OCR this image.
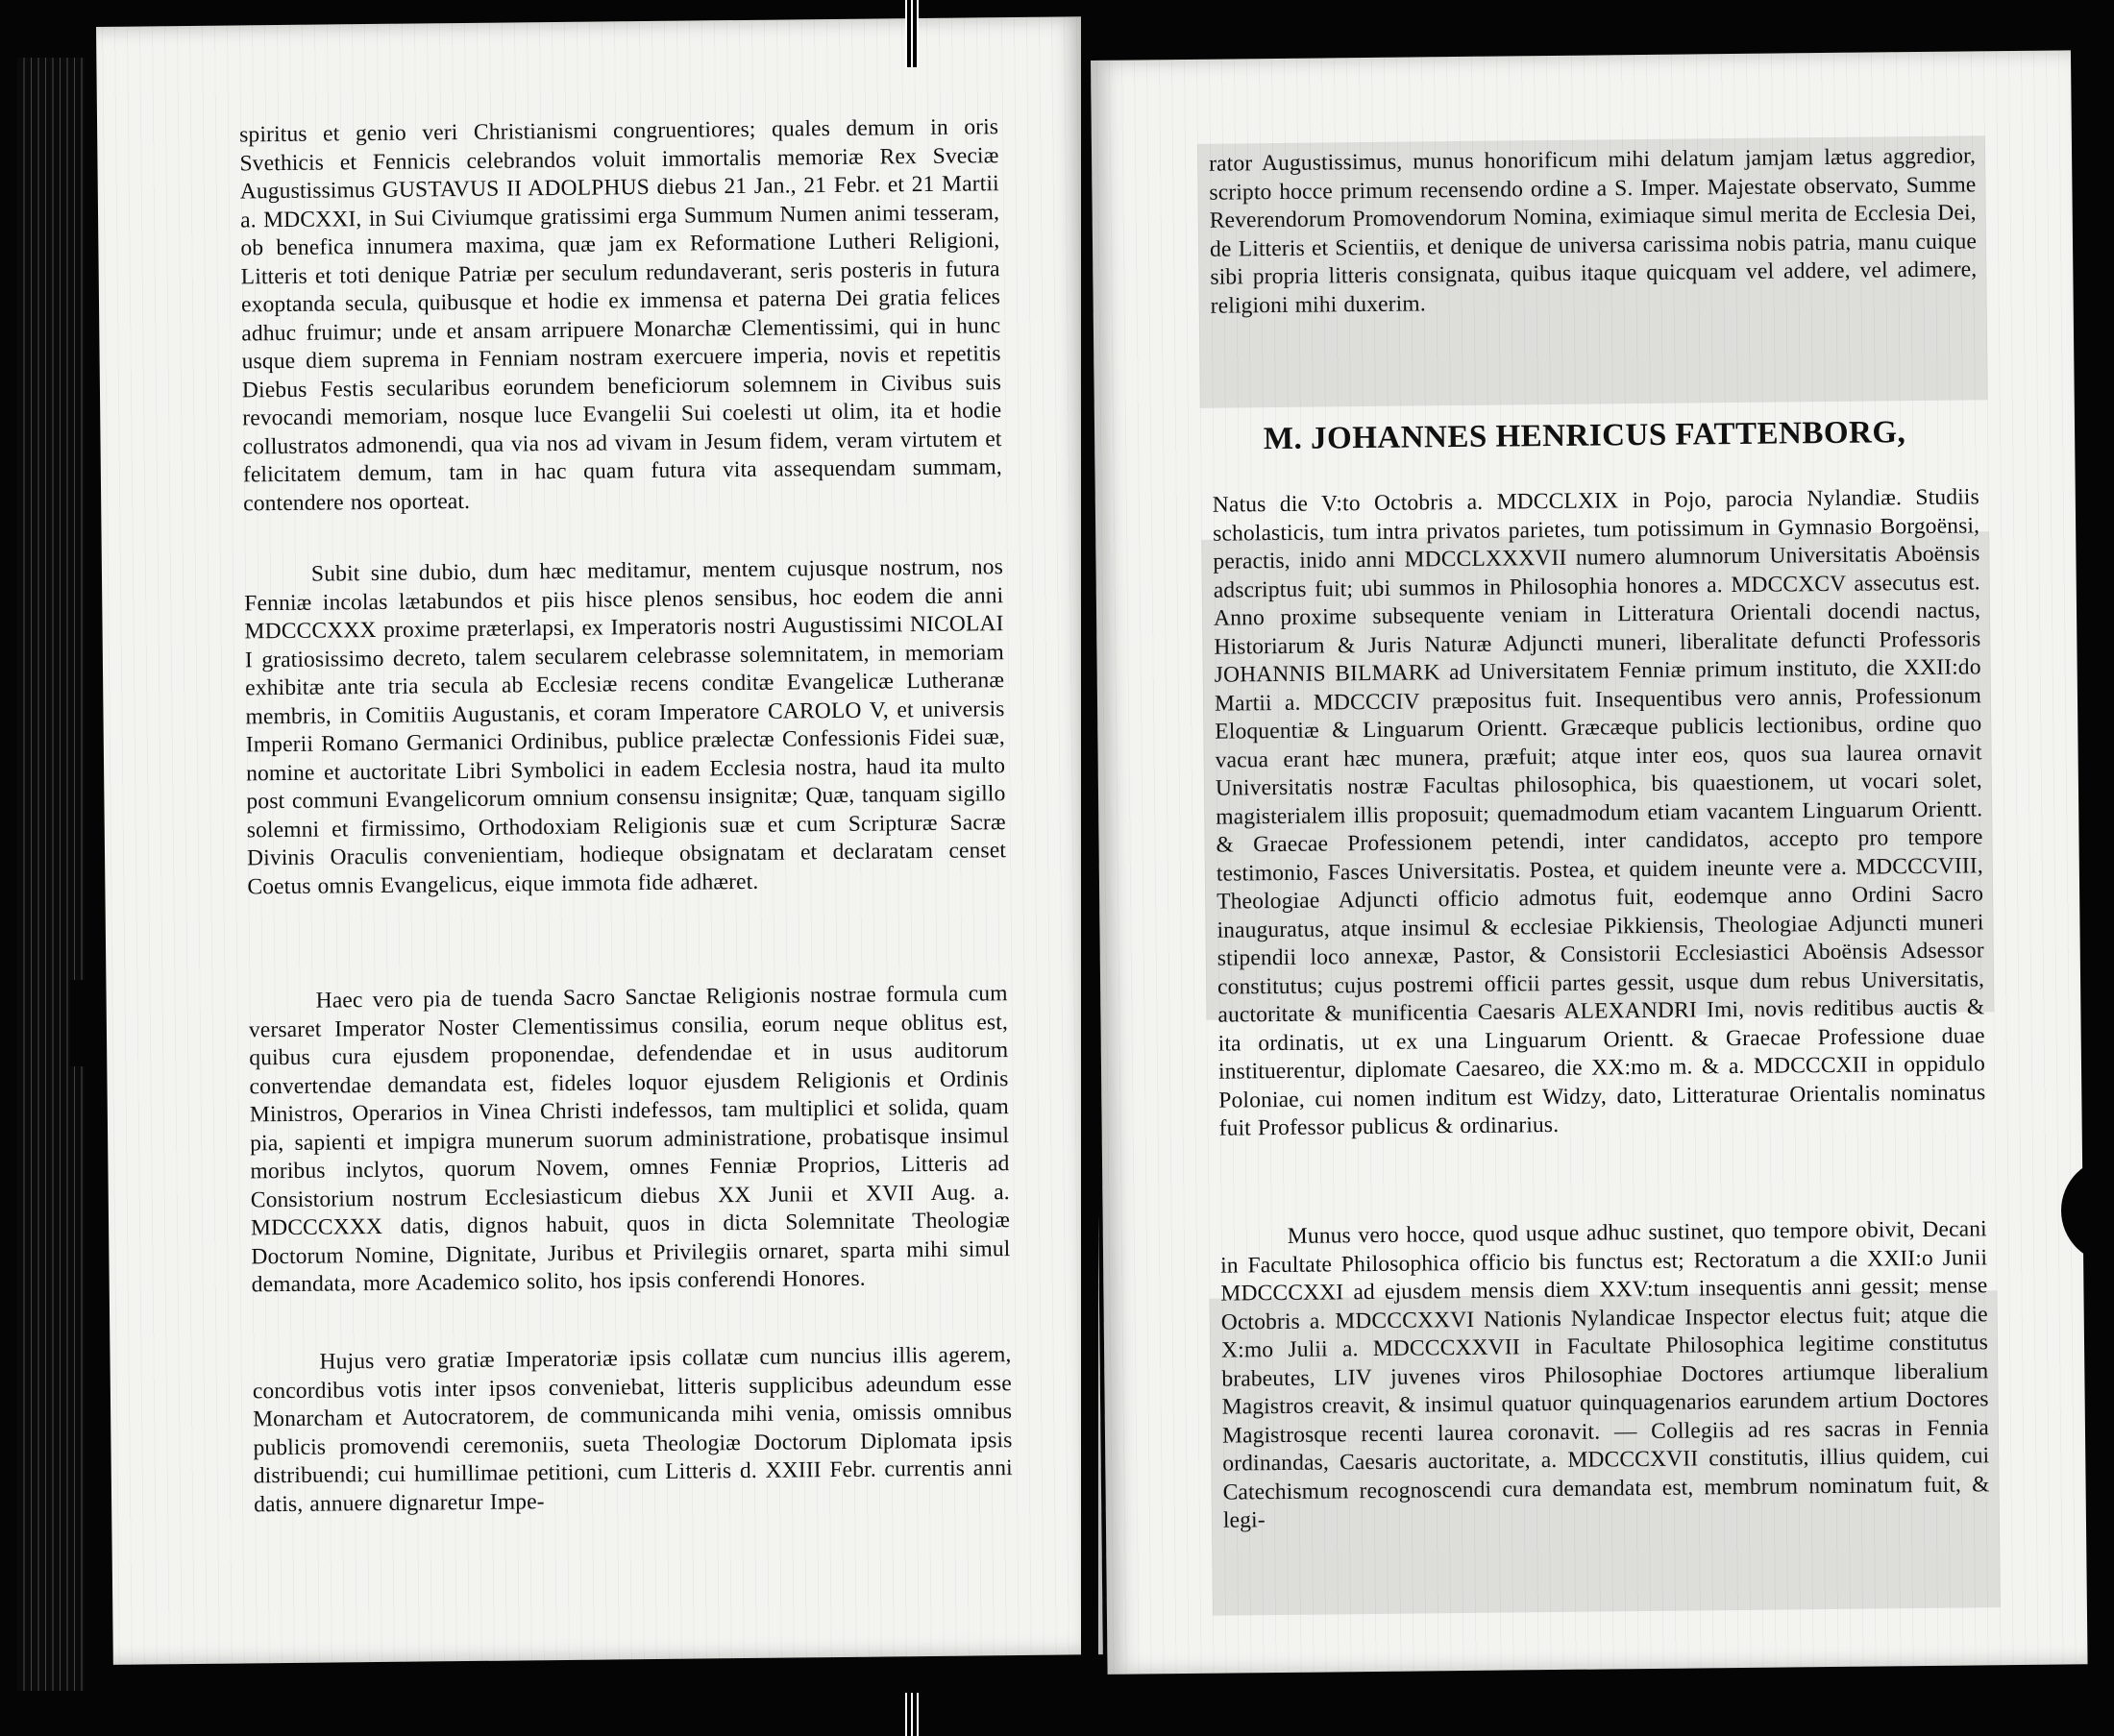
spiritus et genio veri Christianismi congruentiores; quales demum in oris Svethicis et Fennicis celebrandos voluit immortalis memoriæ Rex Sveciæ Augustissimus GUSTAVUS II ADOLPHUS diebus 21 Jan., 21 Febr. et 21 Martii a. MDCXXI, in Sui Civiumque gratissimi erga Summum Numen animi tesseram, ob benefica innumera maxima, quæ jam ex Reformatione Lutheri Religioni, Litteris et toti denique Patriæ per seculum redundaverant, seris posteris in futura exoptanda secula, quibusque et hodie ex immensa et paterna Dei gratia felices adhuc fruimur; unde et ansam arripuere Monarchæ Clementissimi, qui in hunc usque diem suprema in Fenniam nostram exercuere imperia, novis et repetitis Diebus Festis secularibus eorundem beneficiorum solemnem in Civibus suis revocandi memoriam, nosque luce Evangelii Sui coelesti ut olim, ita et hodie collustratos admonendi, qua via nos ad vivam in Jesum fidem, veram virtutem et felicitatem demum, tam in hac quam futura vita assequendam summam, contendere nos oporteat.

Subit sine dubio, dum hæc meditamur, mentem cujusque nostrum, nos Fenniæ incolas lætabundos et piis hisce plenos sensibus, hoc eodem die anni MDCCCXXX proxime præterlapsi, ex Imperatoris nostri Augustissimi NICOLAI I gratiosissimo decreto, talem secularem celebrasse solemnitatem, in memoriam exhibitæ ante tria secula ab Ecclesiæ recens conditæ Evangelicæ Lutheranæ membris, in Comitiis Augustanis, et coram Imperatore CAROLO V, et universis Imperii Romano Germanici Ordinibus, publice prælectæ Confessionis Fidei suæ, nomine et auctoritate Libri Symbolici in eadem Ecclesia nostra, haud ita multo post communi Evangelicorum omnium consensu insignitæ; Quæ, tanquam sigillo solemni et firmissimo, Orthodoxiam Religionis suæ et cum Scripturæ Sacræ Divinis Oraculis convenientiam, hodieque obsignatam et declaratam censet Coetus omnis Evangelicus, eique immota fide adhæret.

Haec vero pia de tuenda Sacro Sanctae Religionis nostrae formula cum versaret Imperator Noster Clementissimus consilia, eorum neque oblitus est, quibus cura ejusdem proponendae, defendendae et in usus auditorum convertendae demandata est, fideles loquor ejusdem Religionis et Ordinis Ministros, Operarios in Vinea Christi indefessos, tam multiplici et solida, quam pia, sapienti et impigra munerum suorum administratione, probatisque insimul moribus inclytos, quorum Novem, omnes Fenniæ Proprios, Litteris ad Consistorium nostrum Ecclesiasticum diebus XX Junii et XVII Aug. a. MDCCCXXX datis, dignos habuit, quos in dicta Solemnitate Theologiæ Doctorum Nomine, Dignitate, Juribus et Privilegiis ornaret, sparta mihi simul demandata, more Academico solito, hos ipsis conferendi Honores.

Hujus vero gratiæ Imperatoriæ ipsis collatæ cum nuncius illis agerem, concordibus votis inter ipsos conveniebat, litteris supplicibus adeundum esse Monarcham et Autocratorem, de communicanda mihi venia, omissis omnibus publicis promovendi ceremoniis, sueta Theologiæ Doctorum Diplomata ipsis distribuendi; cui humillimae petitioni, cum Litteris d. XXIII Febr. currentis anni datis, annuere dignaretur Impe-

rator Augustissimus, munus honorificum mihi delatum jamjam lætus aggredior, scripto hocce primum recensendo ordine a S. Imper. Majestate observato, Summe Reverendorum Promovendorum Nomina, eximiaque simul merita de Ecclesia Dei, de Litteris et Scientiis, et denique de universa carissima nobis patria, manu cuique sibi propria litteris consignata, quibus itaque quicquam vel addere, vel adimere, religioni mihi duxerim.

M. JOHANNES HENRICUS FATTENBORG,

Natus die V:to Octobris a. MDCCLXIX in Pojo, parocia Nylandiæ. Studiis scholasticis, tum intra privatos parietes, tum potissimum in Gymnasio Borgoënsi, peractis, inido anni MDCCLXXXVII numero alumnorum Universitatis Aboënsis adscriptus fuit; ubi summos in Philosophia honores a. MDCCXCV assecutus est. Anno proxime subsequente veniam in Litteratura Orientali docendi nactus, Historiarum & Juris Naturæ Adjuncti muneri, liberalitate defuncti Professoris JOHANNIS BILMARK ad Universitatem Fenniæ primum instituto, die XXII:do Martii a. MDCCCIV præpositus fuit. Insequentibus vero annis, Professionum Eloquentiæ & Linguarum Orientt. Græcæque publicis lectionibus, ordine quo vacua erant hæc munera, præfuit; atque inter eos, quos sua laurea ornavit Universitatis nostræ Facultas philosophica, bis quaestionem, ut vocari solet, magisterialem illis proposuit; quemadmodum etiam vacantem Linguarum Orientt. & Graecae Professionem petendi, inter candidatos, accepto pro tempore testimonio, Fasces Universitatis. Postea, et quidem ineunte vere a. MDCCCVIII, Theologiae Adjuncti officio admotus fuit, eodemque anno Ordini Sacro inauguratus, atque insimul & ecclesiae Pikkiensis, Theologiae Adjuncti muneri stipendii loco annexæ, Pastor, & Consistorii Ecclesiastici Aboënsis Adsessor constitutus; cujus postremi officii partes gessit, usque dum rebus Universitatis, auctoritate & munificentia Caesaris ALEXANDRI Imi, novis reditibus auctis & ita ordinatis, ut ex una Linguarum Orientt. & Graecae Professione duae instituerentur, diplomate Caesareo, die XX:mo m. & a. MDCCCXII in oppidulo Poloniae, cui nomen inditum est Widzy, dato, Litteraturae Orientalis nominatus fuit Professor publicus & ordinarius.

Munus vero hocce, quod usque adhuc sustinet, quo tempore obivit, Decani in Facultate Philosophica officio bis functus est; Rectoratum a die XXII:o Junii MDCCCXXI ad ejusdem mensis diem XXV:tum insequentis anni gessit; mense Octobris a. MDCCCXXVI Nationis Nylandicae Inspector electus fuit; atque die X:mo Julii a. MDCCCXXVII in Facultate Philosophica legitime constitutus brabeutes, LIV juvenes viros Philosophiae Doctores artiumque liberalium Magistros creavit, & insimul quatuor quinquagenarios earundem artium Doctores Magistrosque recenti laurea coronavit. — Collegiis ad res sacras in Fennia ordinandas, Caesaris auctoritate, a. MDCCCXVII constitutis, illius quidem, cui Catechismum recognoscendi cura demandata est, membrum nominatum fuit, & legi-
